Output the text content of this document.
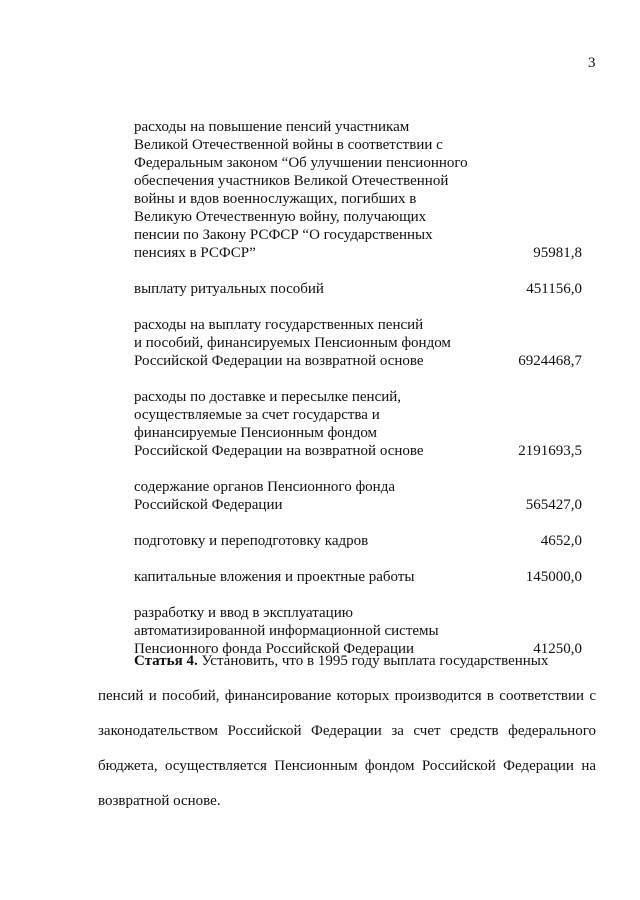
3
расходы на повышение пенсий участникам
Великой Отечественной войны в соответствии с
Федеральным законом “Об улучшении пенсионного
обеспечения участников Великой Отечественной
войны и вдов военнослужащих, погибших в
Великую Отечественную войну, получающих
пенсии по Закону РСФСР “О государственных
пенсиях в РСФСР”	95981,8
выплату ритуальных пособий	451156,0
расходы на выплату государственных пенсий
и пособий, финансируемых Пенсионным фондом
Российской Федерации на возвратной основе	6924468,7
расходы по доставке и пересылке пенсий,
осуществляемые за счет государства и
финансируемые Пенсионным фондом
Российской Федерации на возвратной основе	2191693,5
содержание органов Пенсионного фонда
Российской Федерации	565427,0
подготовку и переподготовку кадров	4652,0
капитальные вложения и проектные работы	145000,0
разработку и ввод в эксплуатацию
автоматизированной информационной системы
Пенсионного фонда Российской Федерации	41250,0
Статья 4. Установить, что в 1995 году выплата государственных
пенсий и пособий, финансирование которых производится в соответствии с законодательством Российской Федерации за счет средств федерального бюджета, осуществляется Пенсионным фондом Российской Федерации на возвратной основе.
